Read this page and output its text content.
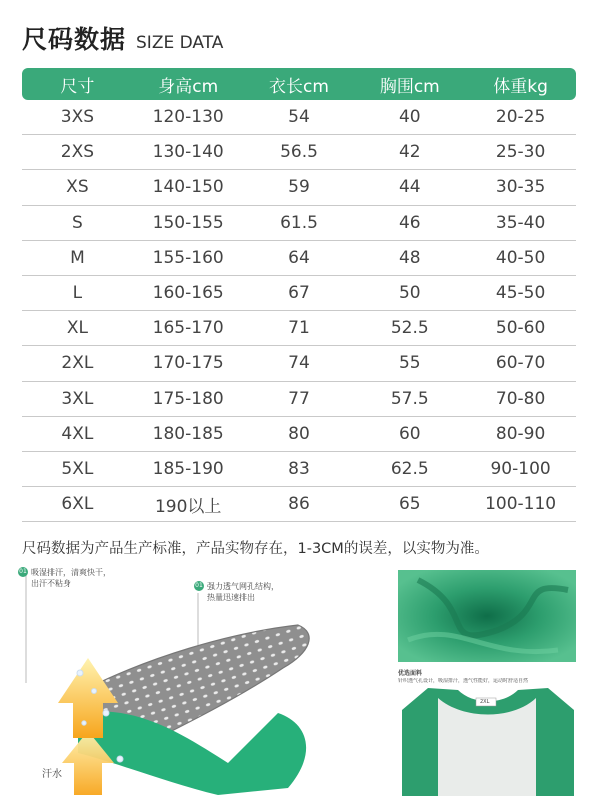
尺码数据 SIZE DATA
尺寸	身高cm	衣长cm	胸围cm	体重kg
3XS	120-130	54	40	20-25
2XS	130-140	56.5	42	25-30
XS	140-150	59	44	30-35
S	150-155	61.5	46	35-40
M	155-160	64	48	40-50
L	160-165	67	50	45-50
XL	165-170	71	52.5	50-60
2XL	170-175	74	55	60-70
3XL	175-180	77	57.5	70-80
4XL	180-185	80	60	80-90
5XL	185-190	83	62.5	90-100
6XL	190以上	86	65	100-110
尺码数据为产品生产标准，产品实物存在，1-3CM的误差，以实物为准。
01 吸湿排汗，清爽快干，
出汗不粘身	01 强力透气网孔结构，
热量迅速排出
汗水
优选面料
针织透气孔设计，吸湿排汗，透气性能好，运动时舒适自然
2XL
